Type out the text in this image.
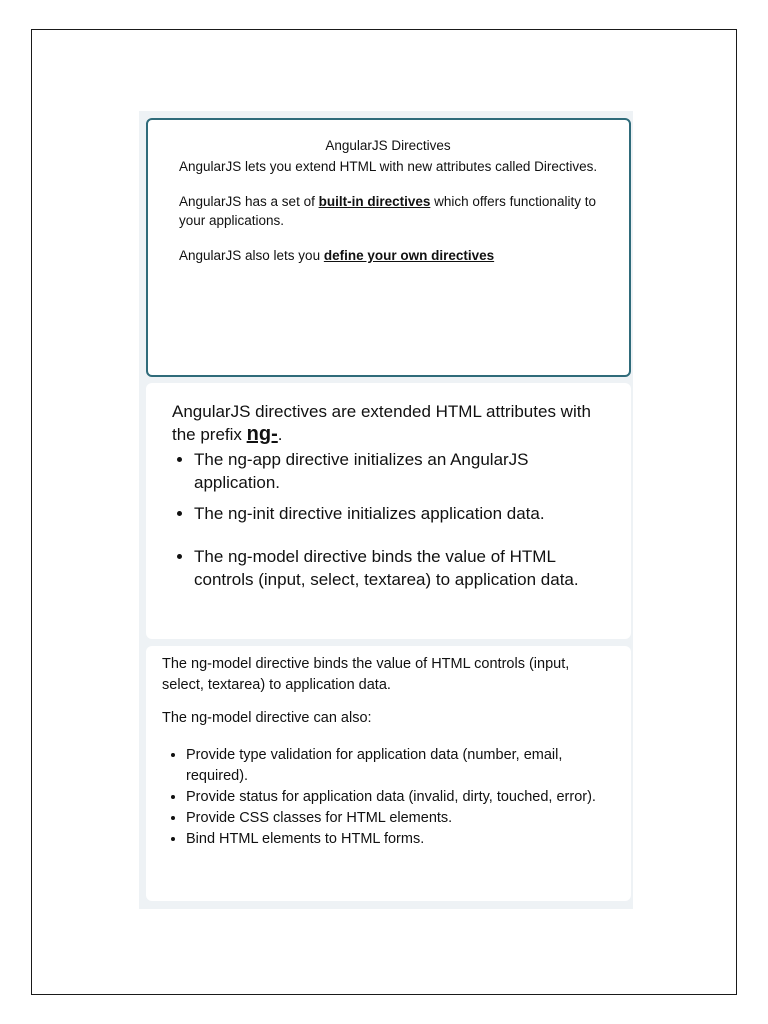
AngularJS Directives

AngularJS lets you extend HTML with new attributes called Directives.

AngularJS has a set of built-in directives which offers functionality to your applications.

AngularJS also lets you define your own directives

AngularJS directives are extended HTML attributes with the prefix ng-.
• The ng-app directive initializes an AngularJS application.
• The ng-init directive initializes application data.
• The ng-model directive binds the value of HTML controls (input, select, textarea) to application data.

The ng-model directive binds the value of HTML controls (input, select, textarea) to application data.

The ng-model directive can also:

• Provide type validation for application data (number, email, required).
• Provide status for application data (invalid, dirty, touched, error).
• Provide CSS classes for HTML elements.
• Bind HTML elements to HTML forms.
